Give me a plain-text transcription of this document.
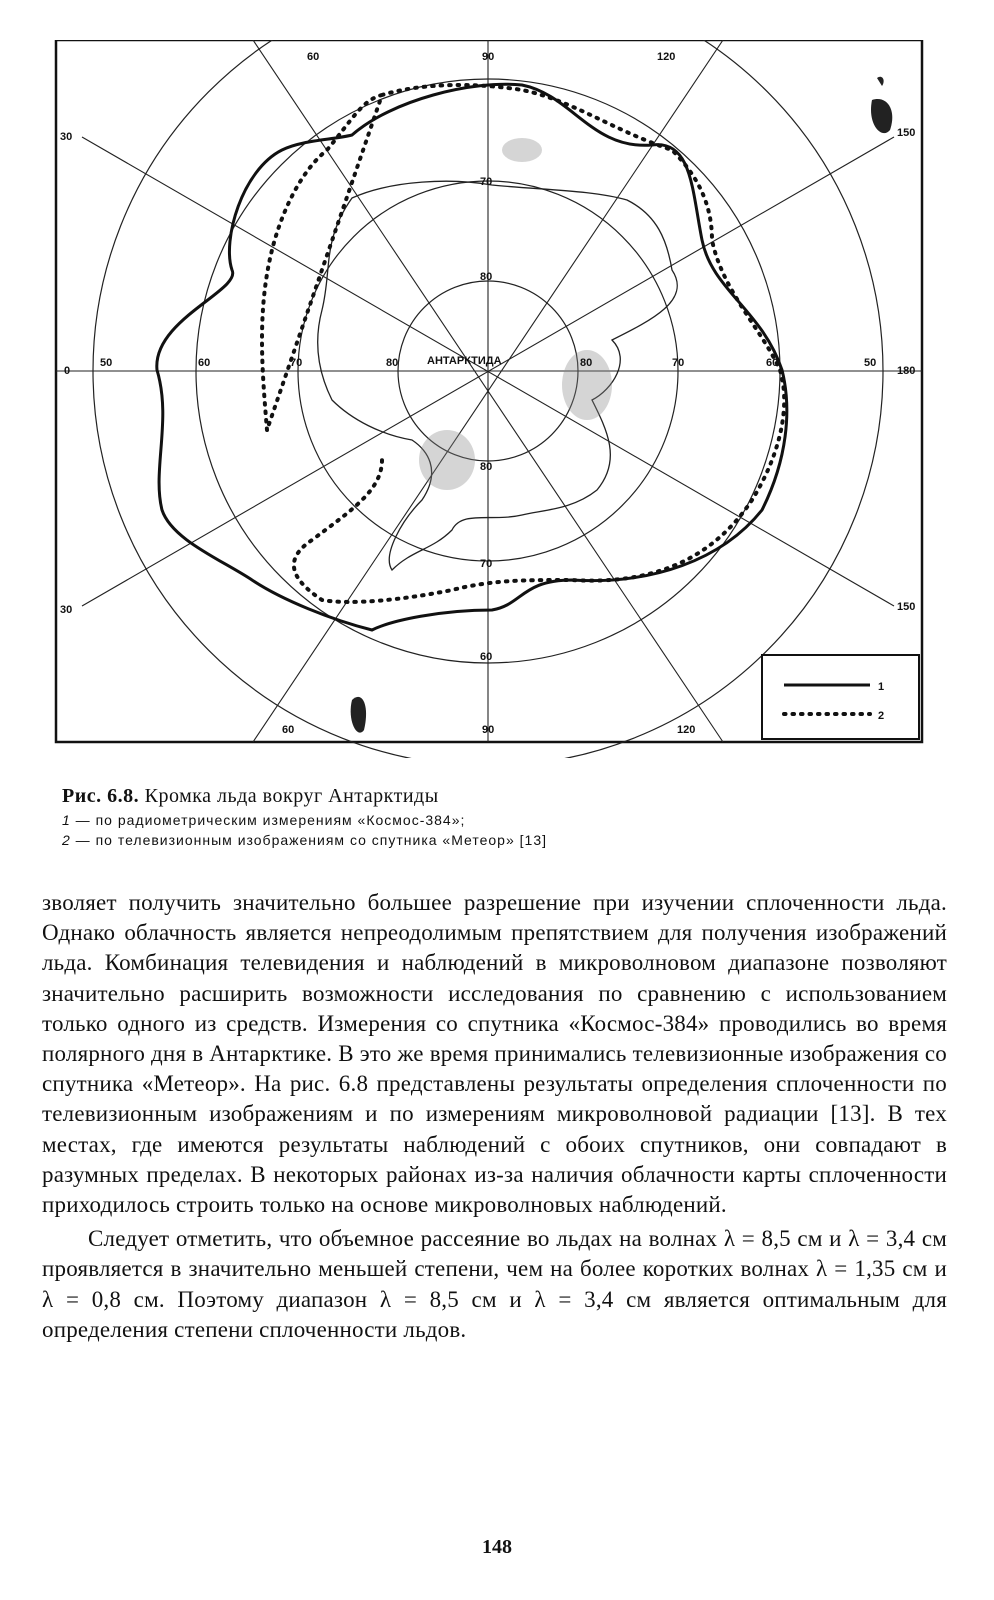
1
2
АНТАРКТИДА
60	90	120
60	90	120
30
0
30
150
180
150
50	60	70	80	80	70	60	50
70
80
80
70
60
Рис. 6.8. Кромка льда вокруг Антарктиды
1 — по радиометрическим измерениям «Космос-384»;
2 — по телевизионным изображениям со спутника «Метеор» [13]

зволяет получить значительно большее разрешение при изучении сплоченности льда. Однако облачность является непреодолимым препятствием для получения изображений льда. Комбинация телевидения и наблюдений в микроволновом диапазоне позволяют значительно расширить возможности исследования по сравнению с использованием только одного из средств. Измерения со спутника «Космос-384» проводились во время полярного дня в Антарктике. В это же время принимались телевизионные изображения со спутника «Метеор». На рис. 6.8 представлены результаты определения сплоченности по телевизионным изображениям и по измерениям микроволновой радиации [13]. В тех местах, где имеются результаты наблюдений с обоих спутников, они совпадают в разумных пределах. В некоторых районах из-за наличия облачности карты сплоченности приходилось строить только на основе микроволновых наблюдений.

Следует отметить, что объемное рассеяние во льдах на волнах λ = 8,5 см и λ = 3,4 см проявляется в значительно меньшей степени, чем на более коротких волнах λ = 1,35 см и λ = 0,8 см. Поэтому диапазон λ = 8,5 см и λ = 3,4 см является оптимальным для определения степени сплоченности льдов.

148
